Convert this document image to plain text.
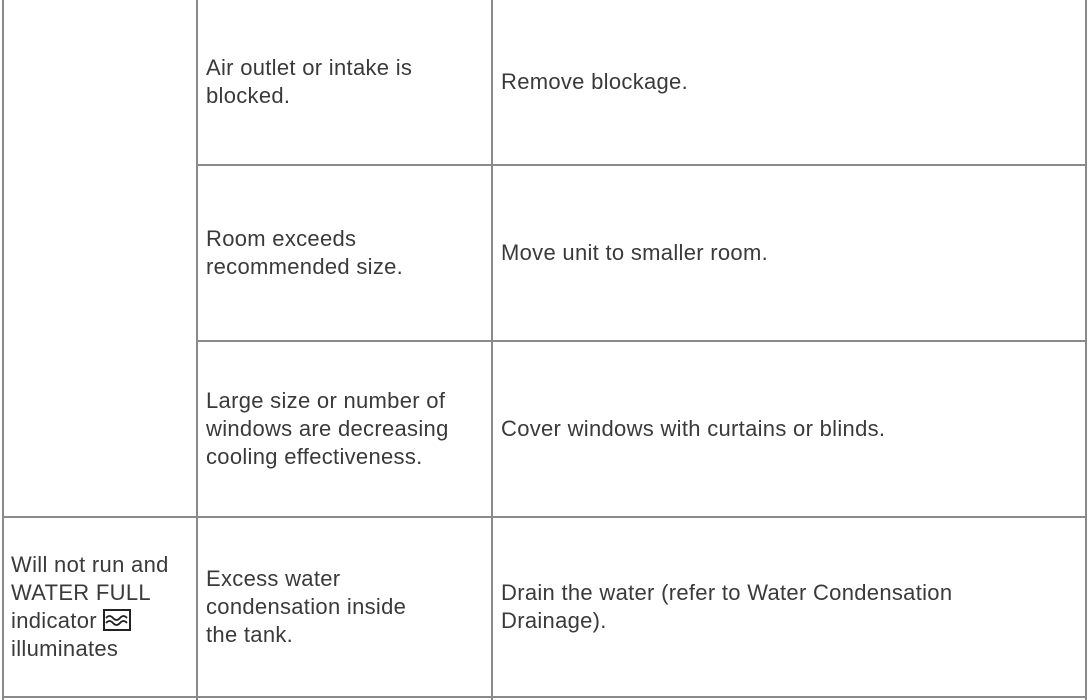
Air outlet or intake is
blocked.
Remove blockage.
Room exceeds
recommended size.
Move unit to smaller room.
Large size or number of
windows are decreasing
cooling effectiveness.
Cover windows with curtains or blinds.
Will not run and
WATER FULL
indicator
illuminates
Excess water
condensation inside
the tank.
Drain the water (refer to Water Condensation
Drainage).
